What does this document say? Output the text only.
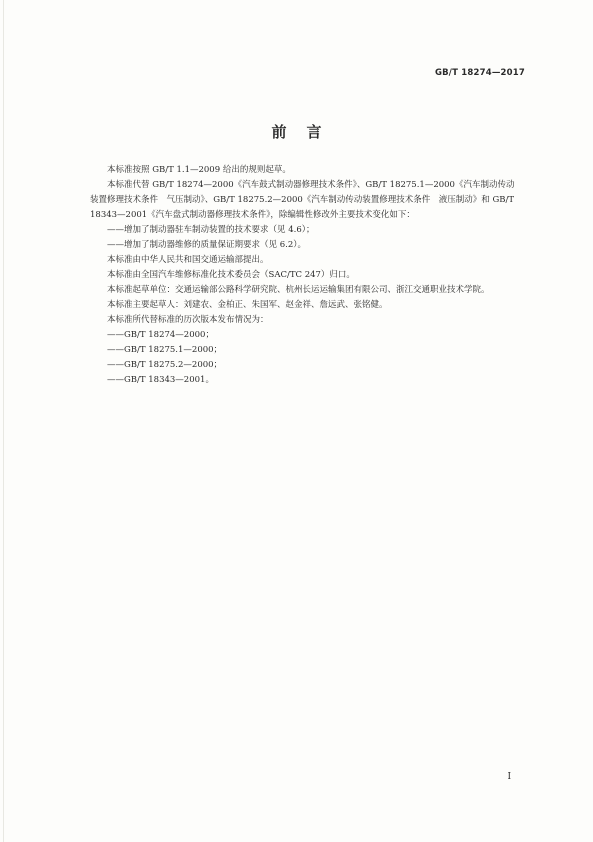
GB/T 18274—2017
前言

本标准按照 GB/T 1.1—2009 给出的规则起草。

本标准代替 GB/T 18274—2000《汽车鼓式制动器修理技术条件》、GB/T 18275.1—2000《汽车制动传动装置修理技术条件　气压制动》、GB/T 18275.2—2000《汽车制动传动装置修理技术条件　液压制动》和 GB/T 18343—2001《汽车盘式制动器修理技术条件》，除编辑性修改外主要技术变化如下：

——增加了制动器驻车制动装置的技术要求（见 4.6）；

——增加了制动器维修的质量保证期要求（见 6.2）。

本标准由中华人民共和国交通运输部提出。

本标准由全国汽车维修标准化技术委员会（SAC/TC 247）归口。

本标准起草单位：交通运输部公路科学研究院、杭州长运运输集团有限公司、浙江交通职业技术学院。

本标准主要起草人：刘建农、金柏正、朱国军、赵金祥、詹远武、张铭健。

本标准所代替标准的历次版本发布情况为：

——GB/T 18274—2000；

——GB/T 18275.1—2000；

——GB/T 18275.2—2000；

——GB/T 18343—2001。

I
